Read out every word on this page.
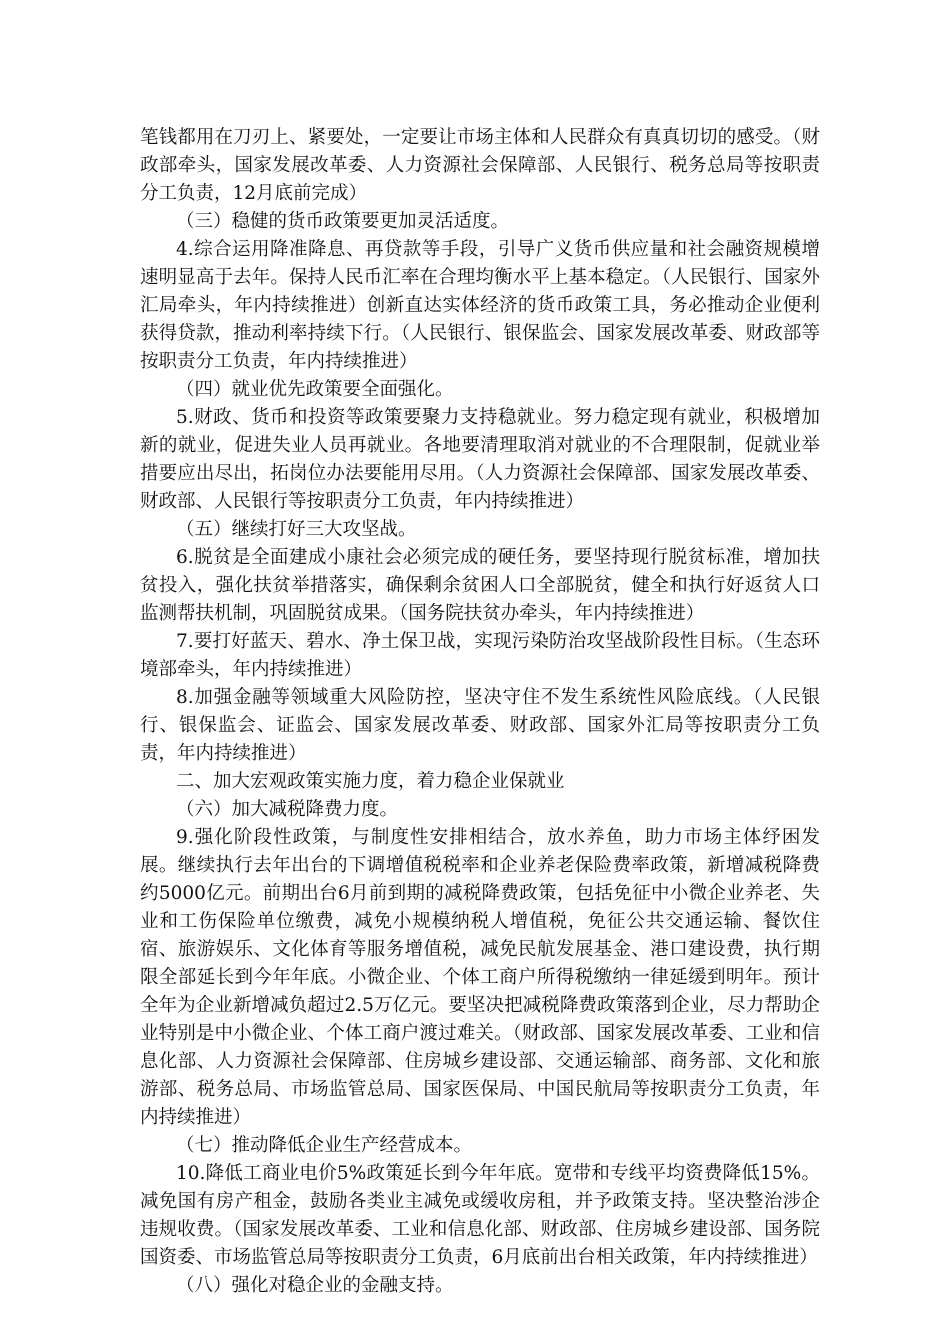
笔钱都用在刀刃上、紧要处，一定要让市场主体和人民群众有真真切切的感受。（财政部牵头，国家发展改革委、人力资源社会保障部、人民银行、税务总局等按职责分工负责，12月底前完成）

（三）稳健的货币政策要更加灵活适度。

4.综合运用降准降息、再贷款等手段，引导广义货币供应量和社会融资规模增速明显高于去年。保持人民币汇率在合理均衡水平上基本稳定。（人民银行、国家外汇局牵头，年内持续推进）创新直达实体经济的货币政策工具，务必推动企业便利获得贷款，推动利率持续下行。（人民银行、银保监会、国家发展改革委、财政部等按职责分工负责，年内持续推进）

（四）就业优先政策要全面强化。

5.财政、货币和投资等政策要聚力支持稳就业。努力稳定现有就业，积极增加新的就业，促进失业人员再就业。各地要清理取消对就业的不合理限制，促就业举措要应出尽出，拓岗位办法要能用尽用。（人力资源社会保障部、国家发展改革委、财政部、人民银行等按职责分工负责，年内持续推进）

（五）继续打好三大攻坚战。

6.脱贫是全面建成小康社会必须完成的硬任务，要坚持现行脱贫标准，增加扶贫投入，强化扶贫举措落实，确保剩余贫困人口全部脱贫，健全和执行好返贫人口监测帮扶机制，巩固脱贫成果。（国务院扶贫办牵头，年内持续推进）

7.要打好蓝天、碧水、净土保卫战，实现污染防治攻坚战阶段性目标。（生态环境部牵头，年内持续推进）

8.加强金融等领域重大风险防控，坚决守住不发生系统性风险底线。（人民银行、银保监会、证监会、国家发展改革委、财政部、国家外汇局等按职责分工负责，年内持续推进）

二、加大宏观政策实施力度，着力稳企业保就业

（六）加大减税降费力度。

9.强化阶段性政策，与制度性安排相结合，放水养鱼，助力市场主体纾困发展。继续执行去年出台的下调增值税税率和企业养老保险费率政策，新增减税降费约5000亿元。前期出台6月前到期的减税降费政策，包括免征中小微企业养老、失业和工伤保险单位缴费，减免小规模纳税人增值税，免征公共交通运输、餐饮住宿、旅游娱乐、文化体育等服务增值税，减免民航发展基金、港口建设费，执行期限全部延长到今年年底。小微企业、个体工商户所得税缴纳一律延缓到明年。预计全年为企业新增减负超过2.5万亿元。要坚决把减税降费政策落到企业，尽力帮助企业特别是中小微企业、个体工商户渡过难关。（财政部、国家发展改革委、工业和信息化部、人力资源社会保障部、住房城乡建设部、交通运输部、商务部、文化和旅游部、税务总局、市场监管总局、国家医保局、中国民航局等按职责分工负责，年内持续推进）

（七）推动降低企业生产经营成本。

10.降低工商业电价5%政策延长到今年年底。宽带和专线平均资费降低15%。减免国有房产租金，鼓励各类业主减免或缓收房租，并予政策支持。坚决整治涉企违规收费。（国家发展改革委、工业和信息化部、财政部、住房城乡建设部、国务院国资委、市场监管总局等按职责分工负责，6月底前出台相关政策，年内持续推进）

（八）强化对稳企业的金融支持。
